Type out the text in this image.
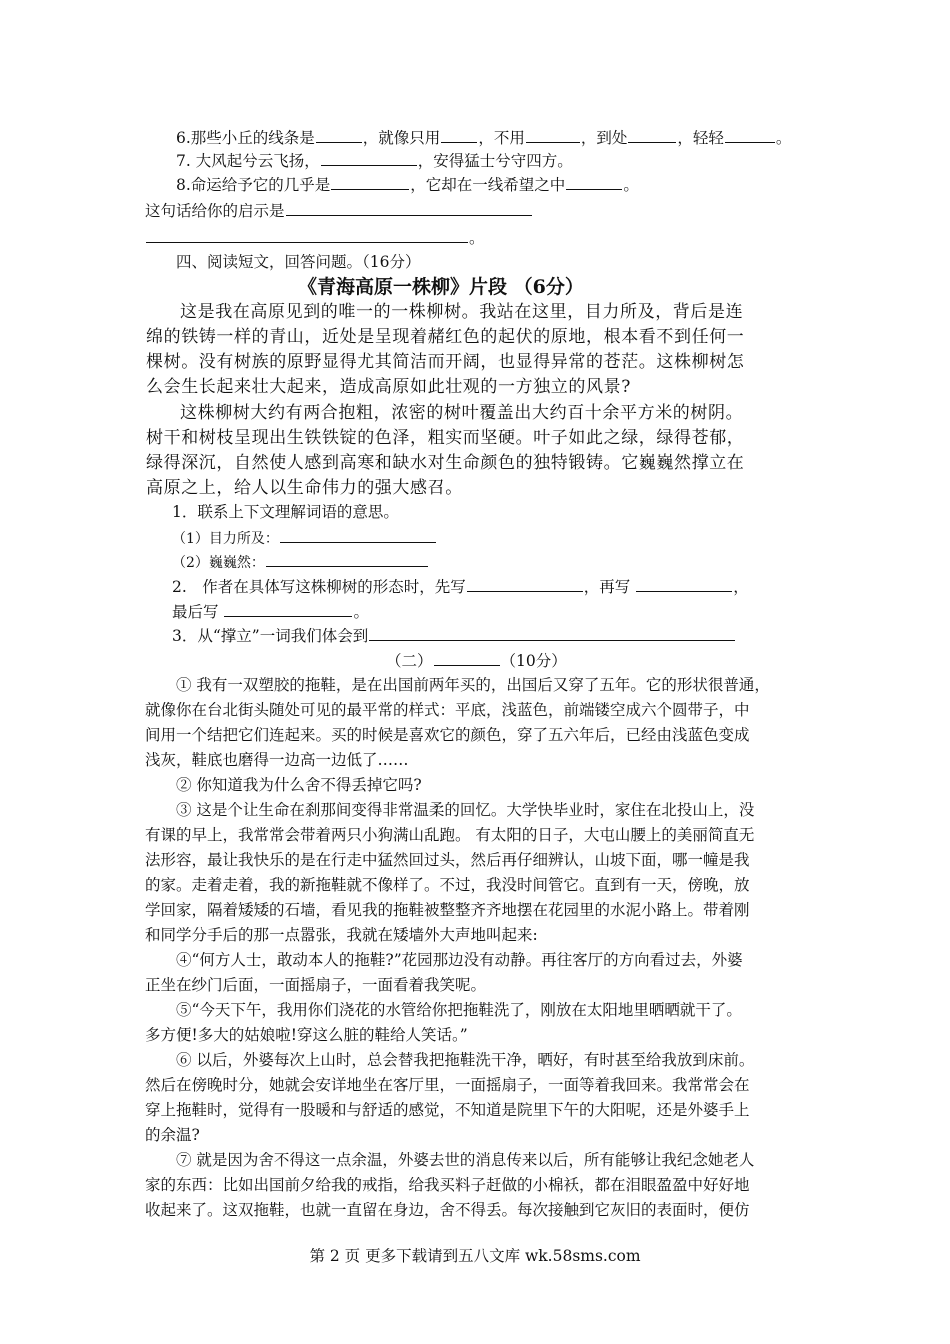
6.那些小丘的线条是	，就像只用 ，不用	，到处	，轻轻	。
7. 大风起兮云飞扬，	，安得猛士兮守四方。
8.命运给予它的几乎是	，它却在一线希望之中	。
这句话给你的启示是
。
四、阅读短文，回答问题。（16分）
《青海高原一株柳》片段 （6分）
这是我在高原见到的唯一的一株柳树。我站在这里，目力所及，背后是连
绵的铁铸一样的青山，近处是呈现着赭红色的起伏的原地，根本看不到任何一
棵树。没有树族的原野显得尤其简洁而开阔，也显得异常的苍茫。这株柳树怎
么会生长起来壮大起来，造成高原如此壮观的一方独立的风景?
这株柳树大约有两合抱粗，浓密的树叶覆盖出大约百十余平方米的树阴。
树干和树枝呈现出生铁铁锭的色泽，粗实而坚硬。叶子如此之绿，绿得苍郁，
绿得深沉，自然使人感到高寒和缺水对生命颜色的独特锻铸。它巍巍然撑立在
高原之上，给人以生命伟力的强大感召。
1．联系上下文理解词语的意思。
（1）目力所及：
（2）巍巍然：
2.　作者在具体写这株柳树的形态时，先写	，再写	，
最后写	。
3．从“撑立”一词我们体会到
（二）	（10分）
① 我有一双塑胶的拖鞋，是在出国前两年买的，出国后又穿了五年。它的形状很普通，
就像你在台北街头随处可见的最平常的样式：平底，浅蓝色，前端镂空成六个圆带子，中
间用一个结把它们连起来。买的时候是喜欢它的颜色，穿了五六年后，已经由浅蓝色变成
浅灰，鞋底也磨得一边高一边低了……
② 你知道我为什么舍不得丢掉它吗?
③ 这是个让生命在刹那间变得非常温柔的回忆。大学快毕业时，家住在北投山上，没
有课的早上，我常常会带着两只小狗满山乱跑。 有太阳的日子，大屯山腰上的美丽简直无
法形容，最让我快乐的是在行走中猛然回过头，然后再仔细辨认，山坡下面，哪一幢是我
的家。走着走着，我的新拖鞋就不像样了。不过，我没时间管它。直到有一天，傍晚，放
学回家，隔着矮矮的石墙，看见我的拖鞋被整整齐齐地摆在花园里的水泥小路上。带着刚
和同学分手后的那一点嚣张，我就在矮墙外大声地叫起来:
④“何方人士，敢动本人的拖鞋?”花园那边没有动静。再往客厅的方向看过去，外婆
正坐在纱门后面，一面摇扇子，一面看着我笑呢。
⑤“今天下午，我用你们浇花的水管给你把拖鞋洗了，刚放在太阳地里晒晒就干了。
多方便!多大的姑娘啦!穿这么脏的鞋给人笑话。”
⑥ 以后，外婆每次上山时，总会替我把拖鞋洗干净，晒好，有时甚至给我放到床前。
然后在傍晚时分，她就会安详地坐在客厅里，一面摇扇子，一面等着我回来。我常常会在
穿上拖鞋时，觉得有一股暖和与舒适的感觉，不知道是院里下午的大阳呢，还是外婆手上
的余温?
⑦ 就是因为舍不得这一点余温，外婆去世的消息传来以后，所有能够让我纪念她老人
家的东西：比如出国前夕给我的戒指，给我买料子赶做的小棉袄，都在泪眼盈盈中好好地
收起来了。这双拖鞋，也就一直留在身边，舍不得丢。每次接触到它灰旧的表面时，便仿
第 2 页 更多下载请到五八文库 wk.58sms.com
